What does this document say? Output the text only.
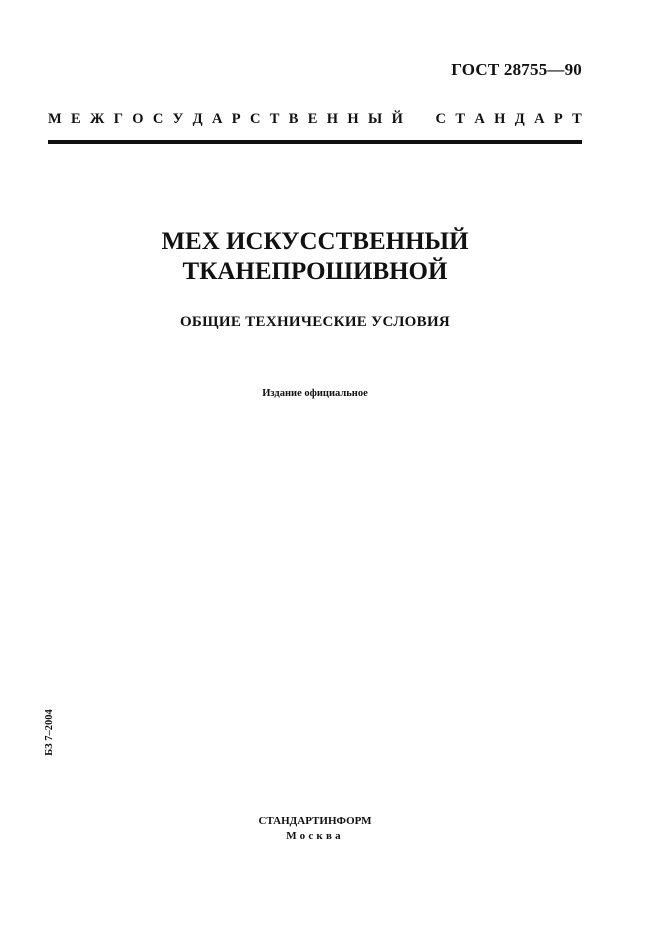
ГОСТ 28755—90
М Е Ж Г О С У Д А Р С Т В Е Н Н Ы Й С Т А Н Д А Р Т
МЕХ ИСКУССТВЕННЫЙ
ТКАНЕПРОШИВНОЙ
ОБЩИЕ ТЕХНИЧЕСКИЕ УСЛОВИЯ
Издание официальное
БЗ 7–2004
СТАНДАРТИНФОРМ
Москва
